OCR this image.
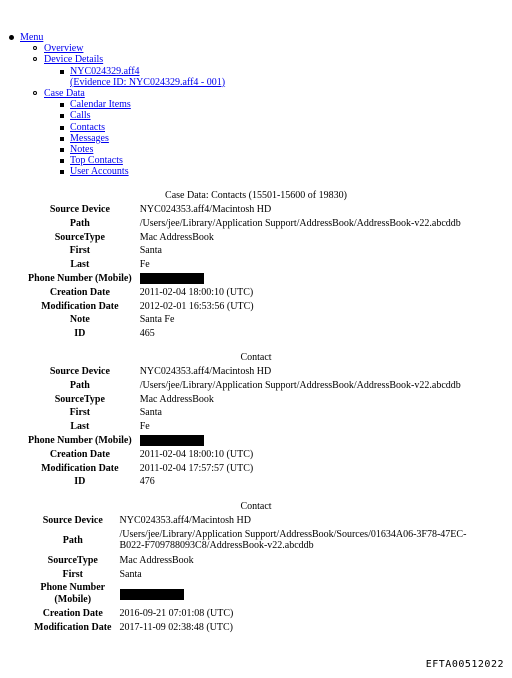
Menu
Overview
Device Details
NYC024329.aff4
(Evidence ID: NYC024329.aff4 - 001)
Case Data
Calendar Items
Calls
Contacts
Messages
Notes
Top Contacts
User Accounts
Case Data: Contacts (15501-15600 of 19830)
Source Device	NYC024353.aff4/Macintosh HD
Path	/Users/jee/Library/Application Support/AddressBook/AddressBook-v22.abcddb
SourceType	Mac AddressBook
First	Santa
Last	Fe
Phone Number (Mobile)	
Creation Date	2011-02-04 18:00:10 (UTC)
Modification Date	2012-02-01 16:53:56 (UTC)
Note	Santa Fe
ID	465
Contact
Source Device	NYC024353.aff4/Macintosh HD
Path	/Users/jee/Library/Application Support/AddressBook/AddressBook-v22.abcddb
SourceType	Mac AddressBook
First	Santa
Last	Fe
Phone Number (Mobile)	
Creation Date	2011-02-04 18:00:10 (UTC)
Modification Date	2011-02-04 17:57:57 (UTC)
ID	476
Contact
Source Device	NYC024353.aff4/Macintosh HD
Path	/Users/jee/Library/Application Support/AddressBook/Sources/01634A06-3F78-47EC-B022-F709788093C8/AddressBook-v22.abcddb
SourceType	Mac AddressBook
First	Santa
Phone Number (Mobile)	
Creation Date	2016-09-21 07:01:08 (UTC)
Modification Date	2017-11-09 02:38:48 (UTC)
EFTA00512022
